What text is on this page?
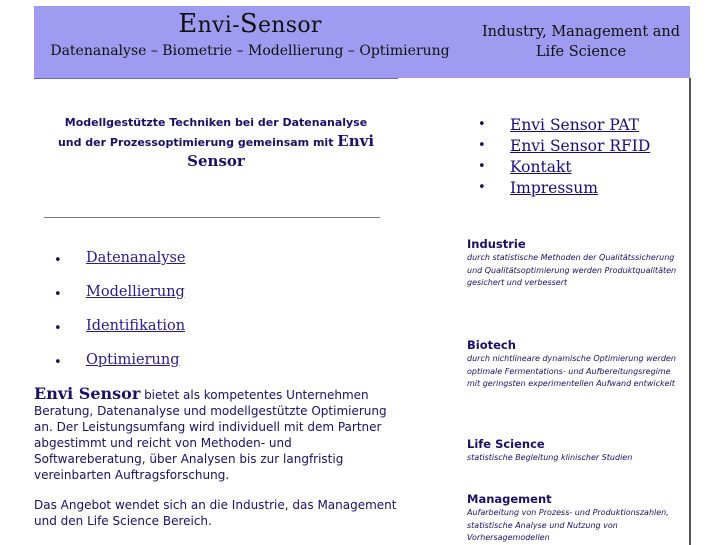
Envi-Sensor
Datenanalyse – Biometrie – Modellierung – Optimierung
Industry, Management and
Life Science
Modellgestützte Techniken bei der Datenanalyse
und der Prozessoptimierung gemeinsam mit Envi
Sensor
• Datenanalyse
• Modellierung
• Identifikation
• Optimierung
• Envi Sensor PAT
• Envi Sensor RFID
• Kontakt
• Impressum

Envi Sensor bietet als kompetentes Unternehmen Beratung, Datenanalyse und modellgestützte Optimierung an. Der Leistungsumfang wird individuell mit dem Partner abgestimmt und reicht von Methoden- und Softwareberatung, über Analysen bis zur langfristig vereinbarten Auftragsforschung.

Das Angebot wendet sich an die Industrie, das Management und den Life Science Bereich.

Industrie

durch statistische Methoden der Qualitätssicherung und Qualitätsoptimierung werden Produktqualitäten gesichert und verbessert

Biotech

durch nichtlineare dynamische Optimierung werden optimale Fermentations- und Aufbereitungsregime mit geringsten experimentellen Aufwand entwickelt

Life Science

statistische Begleitung klinischer Studien

Management

Aufarbeitung von Prozess- und Produktionszahlen, statistische Analyse und Nutzung von Vorhersagemodellen
